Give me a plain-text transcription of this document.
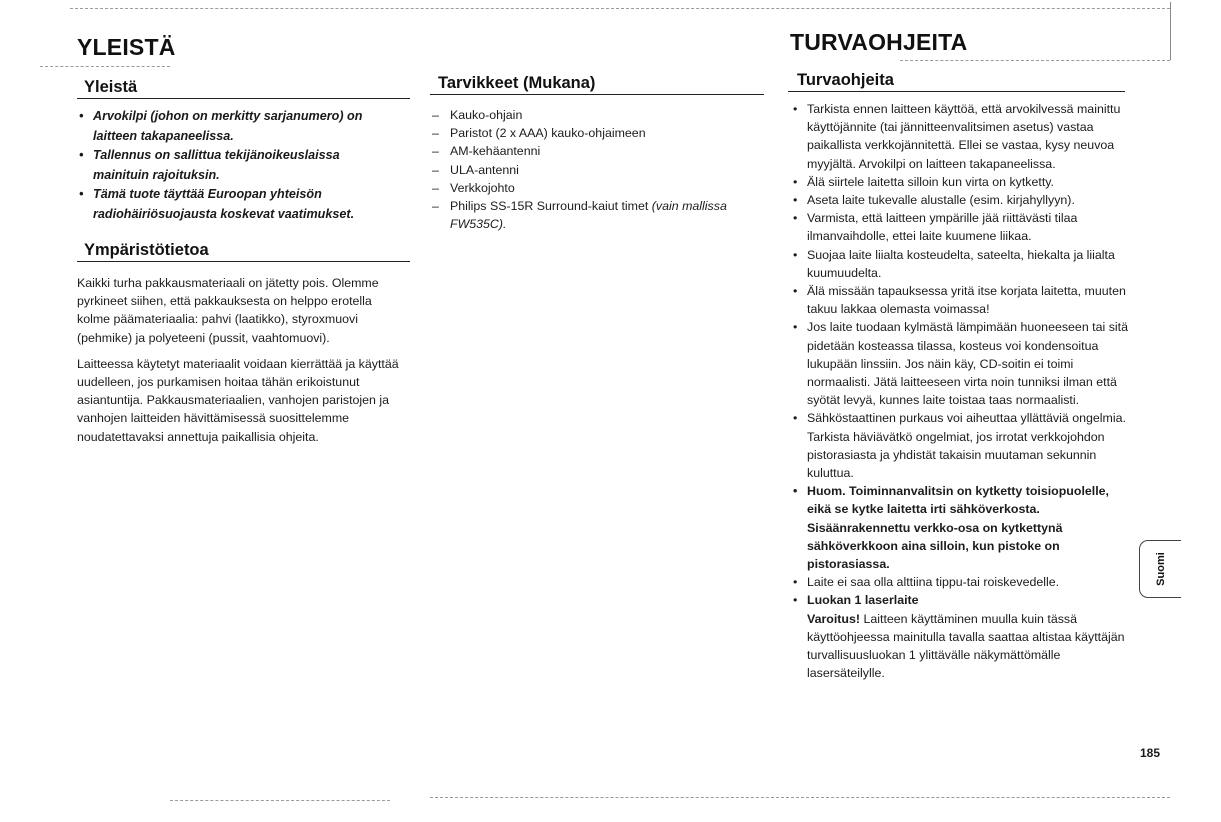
YLEISTÄ	TURVAOHJEITA
Yleistä
• Arvokilpi (johon on merkitty sarjanumero) on laitteen takapaneelissa.
• Tallennus on sallittua tekijänoikeuslaissa mainituin rajoituksin.
• Tämä tuote täyttää Euroopan yhteisön radiohäiriösuojausta koskevat vaatimukset.
Ympäristötietoa

Kaikki turha pakkausmateriaali on jätetty pois. Olemme pyrkineet siihen, että pakkauksesta on helppo erotella kolme päämateriaalia: pahvi (laatikko), styroxmuovi (pehmike) ja polyeteeni (pussit, vaahtomuovi).

Laitteessa käytetyt materiaalit voidaan kierrättää ja käyttää uudelleen, jos purkamisen hoitaa tähän erikoistunut asiantuntija. Pakkausmateriaalien, vanhojen paristojen ja vanhojen laitteiden hävittämisessä suosittelemme noudatettavaksi annettuja paikallisia ohjeita.

Tarvikkeet (Mukana)
– Kauko-ohjain
– Paristot (2 x AAA) kauko-ohjaimeen
– AM-kehäantenni
– ULA-antenni
– Verkkojohto
– Philips SS-15R Surround-kaiut timet (vain mallissa FW535C).
Turvaohjeita
• Tarkista ennen laitteen käyttöä, että arvokilvessä mainittu käyttöjännite (tai jännitteenvalitsimen asetus) vastaa paikallista verkkojännitettä. Ellei se vastaa, kysy neuvoa myyjältä. Arvokilpi on laitteen takapaneelissa.
• Älä siirtele laitetta silloin kun virta on kytketty.
• Aseta laite tukevalle alustalle (esim. kirjahyllyyn).
• Varmista, että laitteen ympärille jää riittävästi tilaa ilmanvaihdolle, ettei laite kuumene liikaa.
• Suojaa laite liialta kosteudelta, sateelta, hiekalta ja liialta kuumuudelta.
• Älä missään tapauksessa yritä itse korjata laitetta, muuten takuu lakkaa olemasta voimassa!
• Jos laite tuodaan kylmästä lämpimään huoneeseen tai sitä pidetään kosteassa tilassa, kosteus voi kondensoitua lukupään linssiin. Jos näin käy, CD-soitin ei toimi normaalisti. Jätä laitteeseen virta noin tunniksi ilman että syötät levyä, kunnes laite toistaa taas normaalisti.
• Sähköstaattinen purkaus voi aiheuttaa yllättäviä ongelmia. Tarkista häviävätkö ongelmiat, jos irrotat verkkojohdon pistorasiasta ja yhdistät takaisin muutaman sekunnin kuluttua.
• Huom. Toiminnanvalitsin on kytketty toisiopuolelle, eikä se kytke laitetta irti sähköverkosta. Sisäänrakennettu verkko-osa on kytkettynä sähköverkkoon aina silloin, kun pistoke on pistorasiassa.
• Laite ei saa olla alttiina tippu-tai roiskevedelle.
• Luokan 1 laserlaite
Varoitus! Laitteen käyttäminen muulla kuin tässä käyttöohjeessa mainitulla tavalla saattaa altistaa käyttäjän turvallisuusluokan 1 ylittävälle näkymättömälle lasersäteilylle.
Suomi
185
